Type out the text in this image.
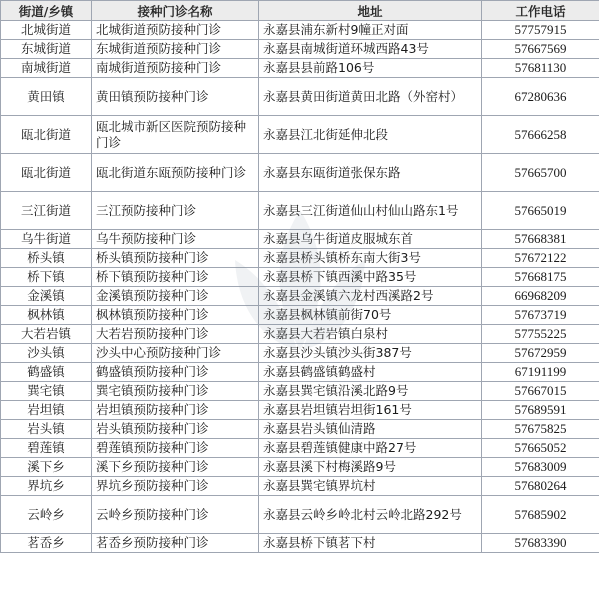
街道/乡镇	接种门诊名称	地址	工作电话
北城街道	北城街道预防接种门诊	永嘉县浦东新村9幢正对面	57757915
东城街道	东城街道预防接种门诊	永嘉县南城街道环城西路43号	57667569
南城街道	南城街道预防接种门诊	永嘉县县前路106号	57681130
黄田镇	黄田镇预防接种门诊	永嘉县黄田街道黄田北路（外窑村）	67280636
瓯北街道	瓯北城市新区医院预防接种门诊	永嘉县江北街延伸北段	57666258
瓯北街道	瓯北街道东瓯预防接种门诊	永嘉县东瓯街道张保东路	57665700
三江街道	三江预防接种门诊	永嘉县三江街道仙山村仙山路东1号	57665019
乌牛街道	乌牛预防接种门诊	永嘉县乌牛街道皮服城东首	57668381
桥头镇	桥头镇预防接种门诊	永嘉县桥头镇桥东南大街3号	57672122
桥下镇	桥下镇预防接种门诊	永嘉县桥下镇西溪中路35号	57668175
金溪镇	金溪镇预防接种门诊	永嘉县金溪镇六龙村西溪路2号	66968209
枫林镇	枫林镇预防接种门诊	永嘉县枫林镇前街70号	57673719
大若岩镇	大若岩预防接种门诊	永嘉县大若岩镇白泉村	57755225
沙头镇	沙头中心预防接种门诊	永嘉县沙头镇沙头街387号	57672959
鹤盛镇	鹤盛镇预防接种门诊	永嘉县鹤盛镇鹤盛村	67191199
巽宅镇	巽宅镇预防接种门诊	永嘉县巽宅镇沿溪北路9号	57667015
岩坦镇	岩坦镇预防接种门诊	永嘉县岩坦镇岩坦街161号	57689591
岩头镇	岩头镇预防接种门诊	永嘉县岩头镇仙清路	57675825
碧莲镇	碧莲镇预防接种门诊	永嘉县碧莲镇健康中路27号	57665052
溪下乡	溪下乡预防接种门诊	永嘉县溪下村梅溪路9号	57683009
界坑乡	界坑乡预防接种门诊	永嘉县巽宅镇界坑村	57680264
云岭乡	云岭乡预防接种门诊	永嘉县云岭乡岭北村云岭北路292号	57685902
茗岙乡	茗岙乡预防接种门诊	永嘉县桥下镇茗下村	57683390
